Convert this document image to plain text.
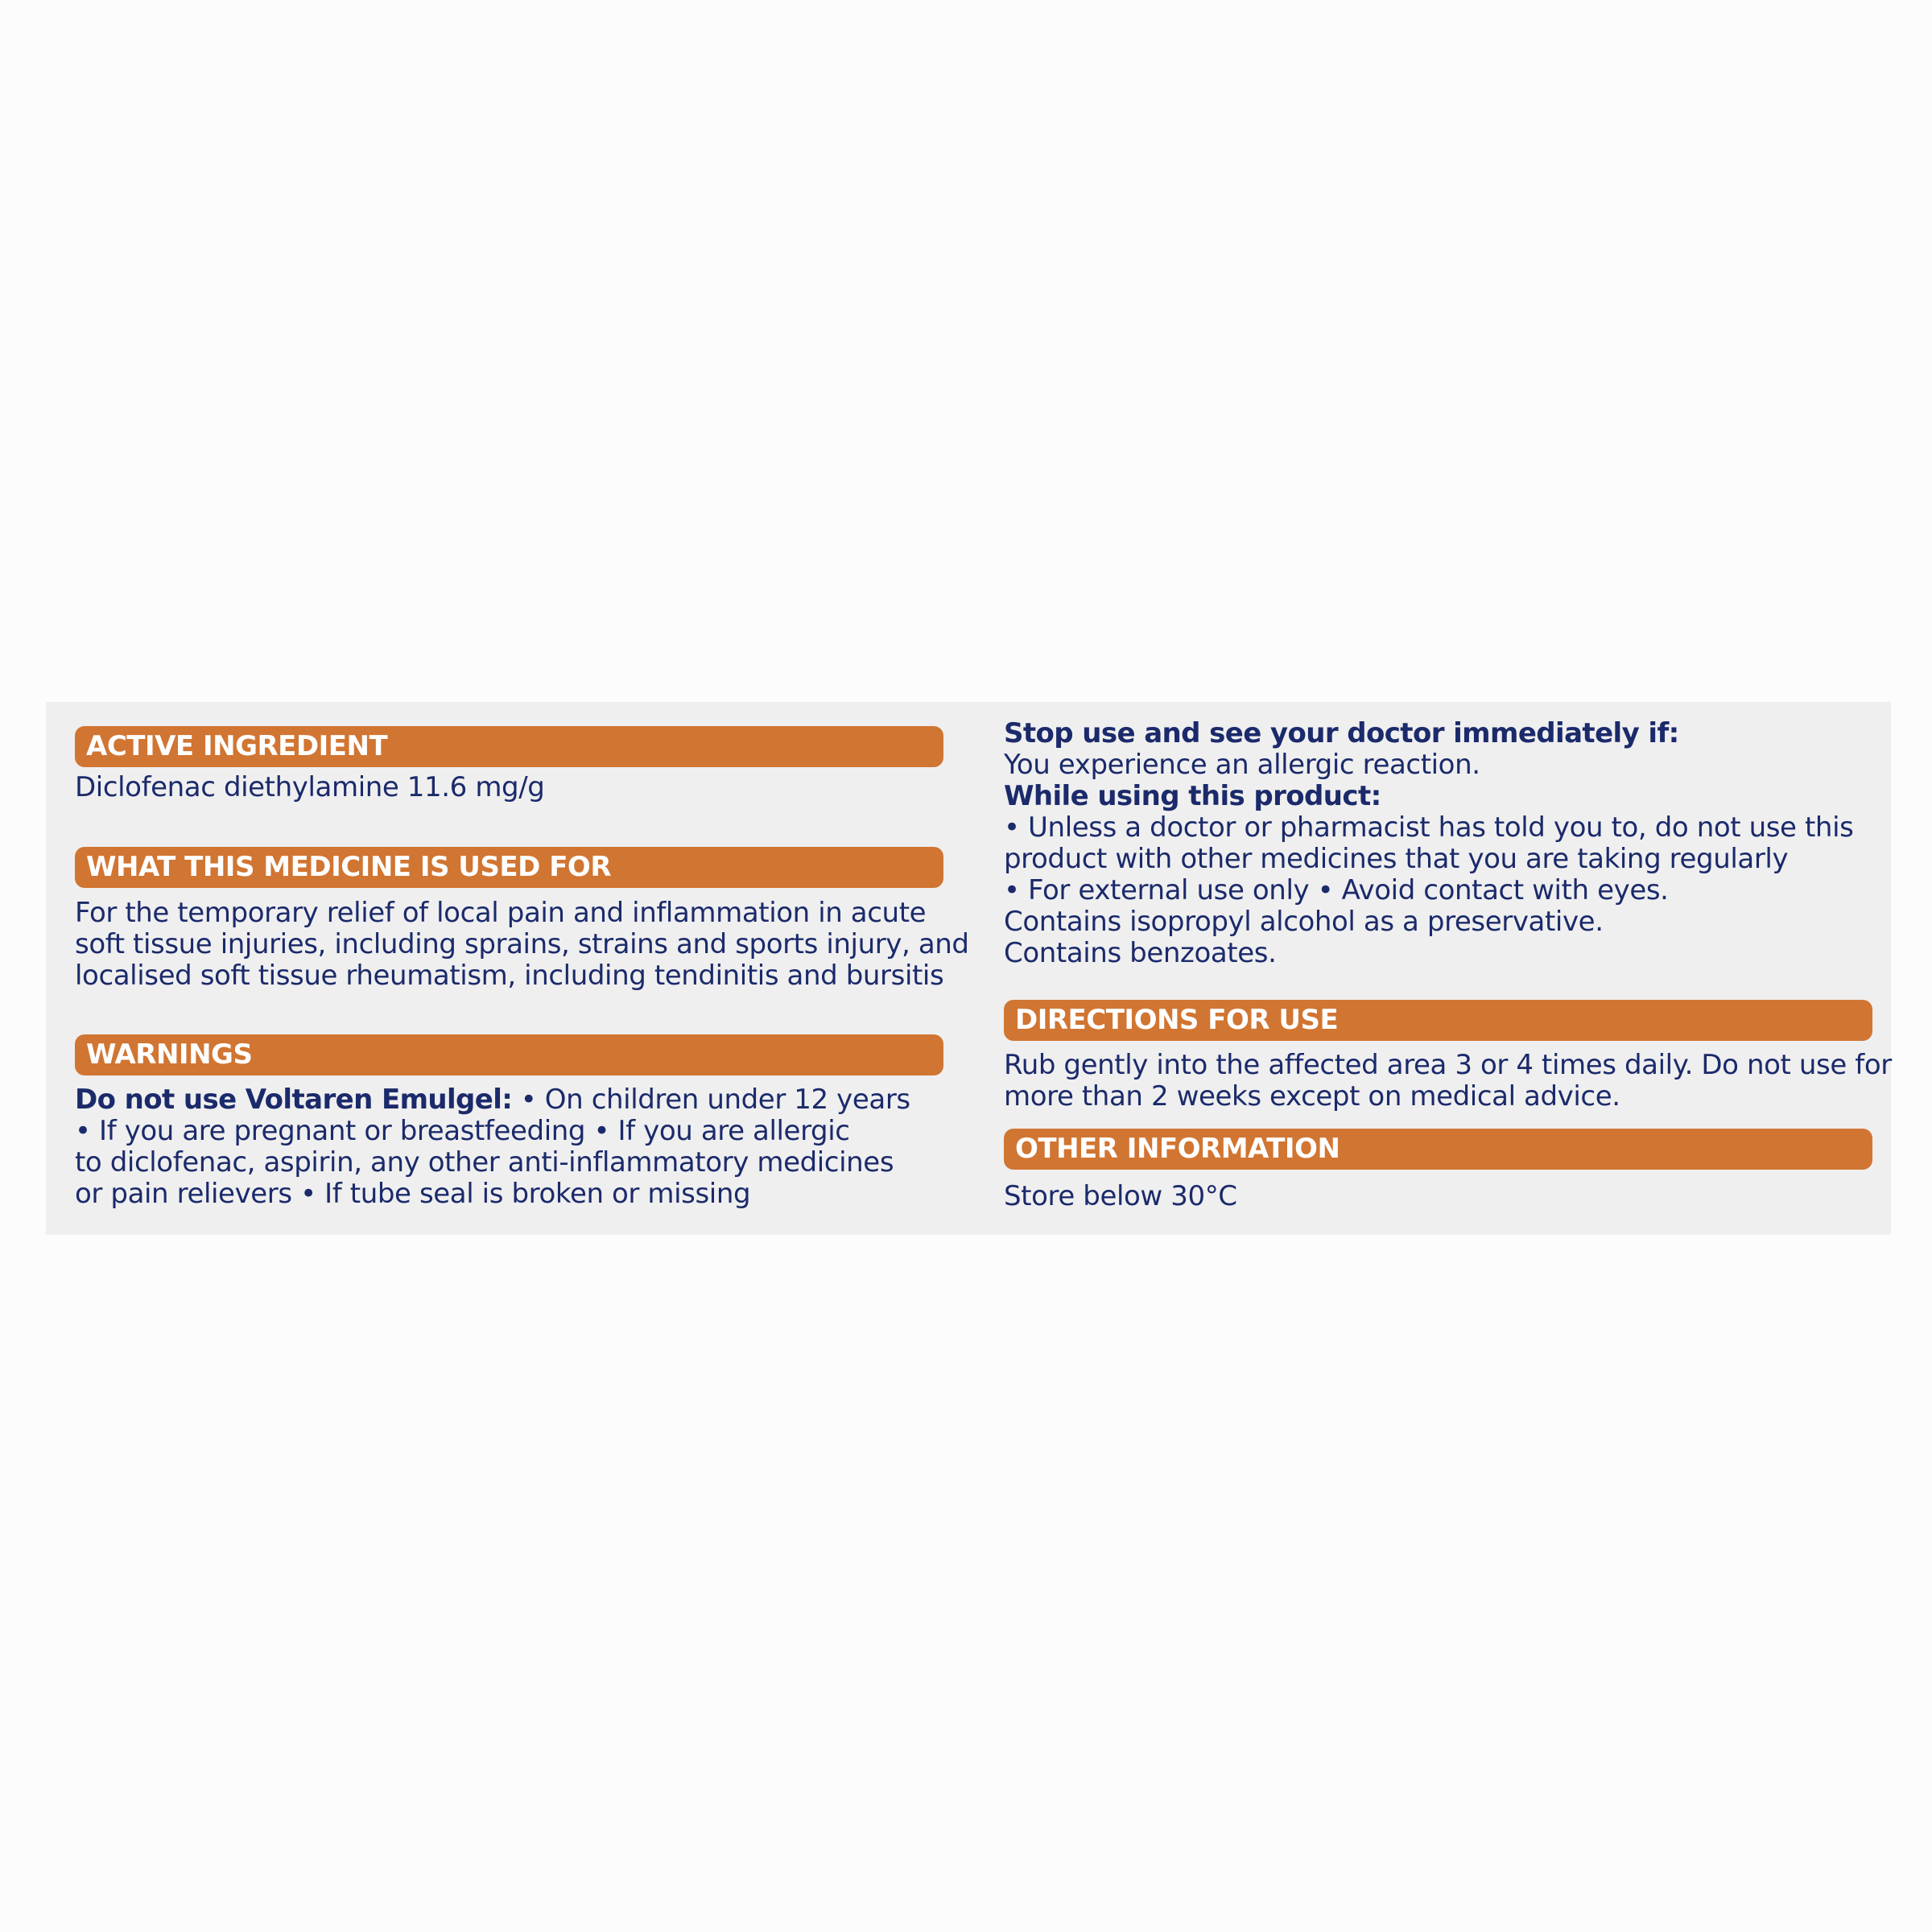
ACTIVE INGREDIENT
Diclofenac diethylamine 11.6 mg/g
WHAT THIS MEDICINE IS USED FOR
For the temporary relief of local pain and inflammation in acute
soft tissue injuries, including sprains, strains and sports injury, and
localised soft tissue rheumatism, including tendinitis and bursitis
WARNINGS
Do not use Voltaren Emulgel: • On children under 12 years
• If you are pregnant or breastfeeding • If you are allergic
to diclofenac, aspirin, any other anti-inflammatory medicines
or pain relievers • If tube seal is broken or missing
Stop use and see your doctor immediately if:
You experience an allergic reaction.
While using this product:
• Unless a doctor or pharmacist has told you to, do not use this
product with other medicines that you are taking regularly
• For external use only • Avoid contact with eyes.
Contains isopropyl alcohol as a preservative.
Contains benzoates.
DIRECTIONS FOR USE
Rub gently into the affected area 3 or 4 times daily. Do not use for
more than 2 weeks except on medical advice.
OTHER INFORMATION
Store below 30°C
